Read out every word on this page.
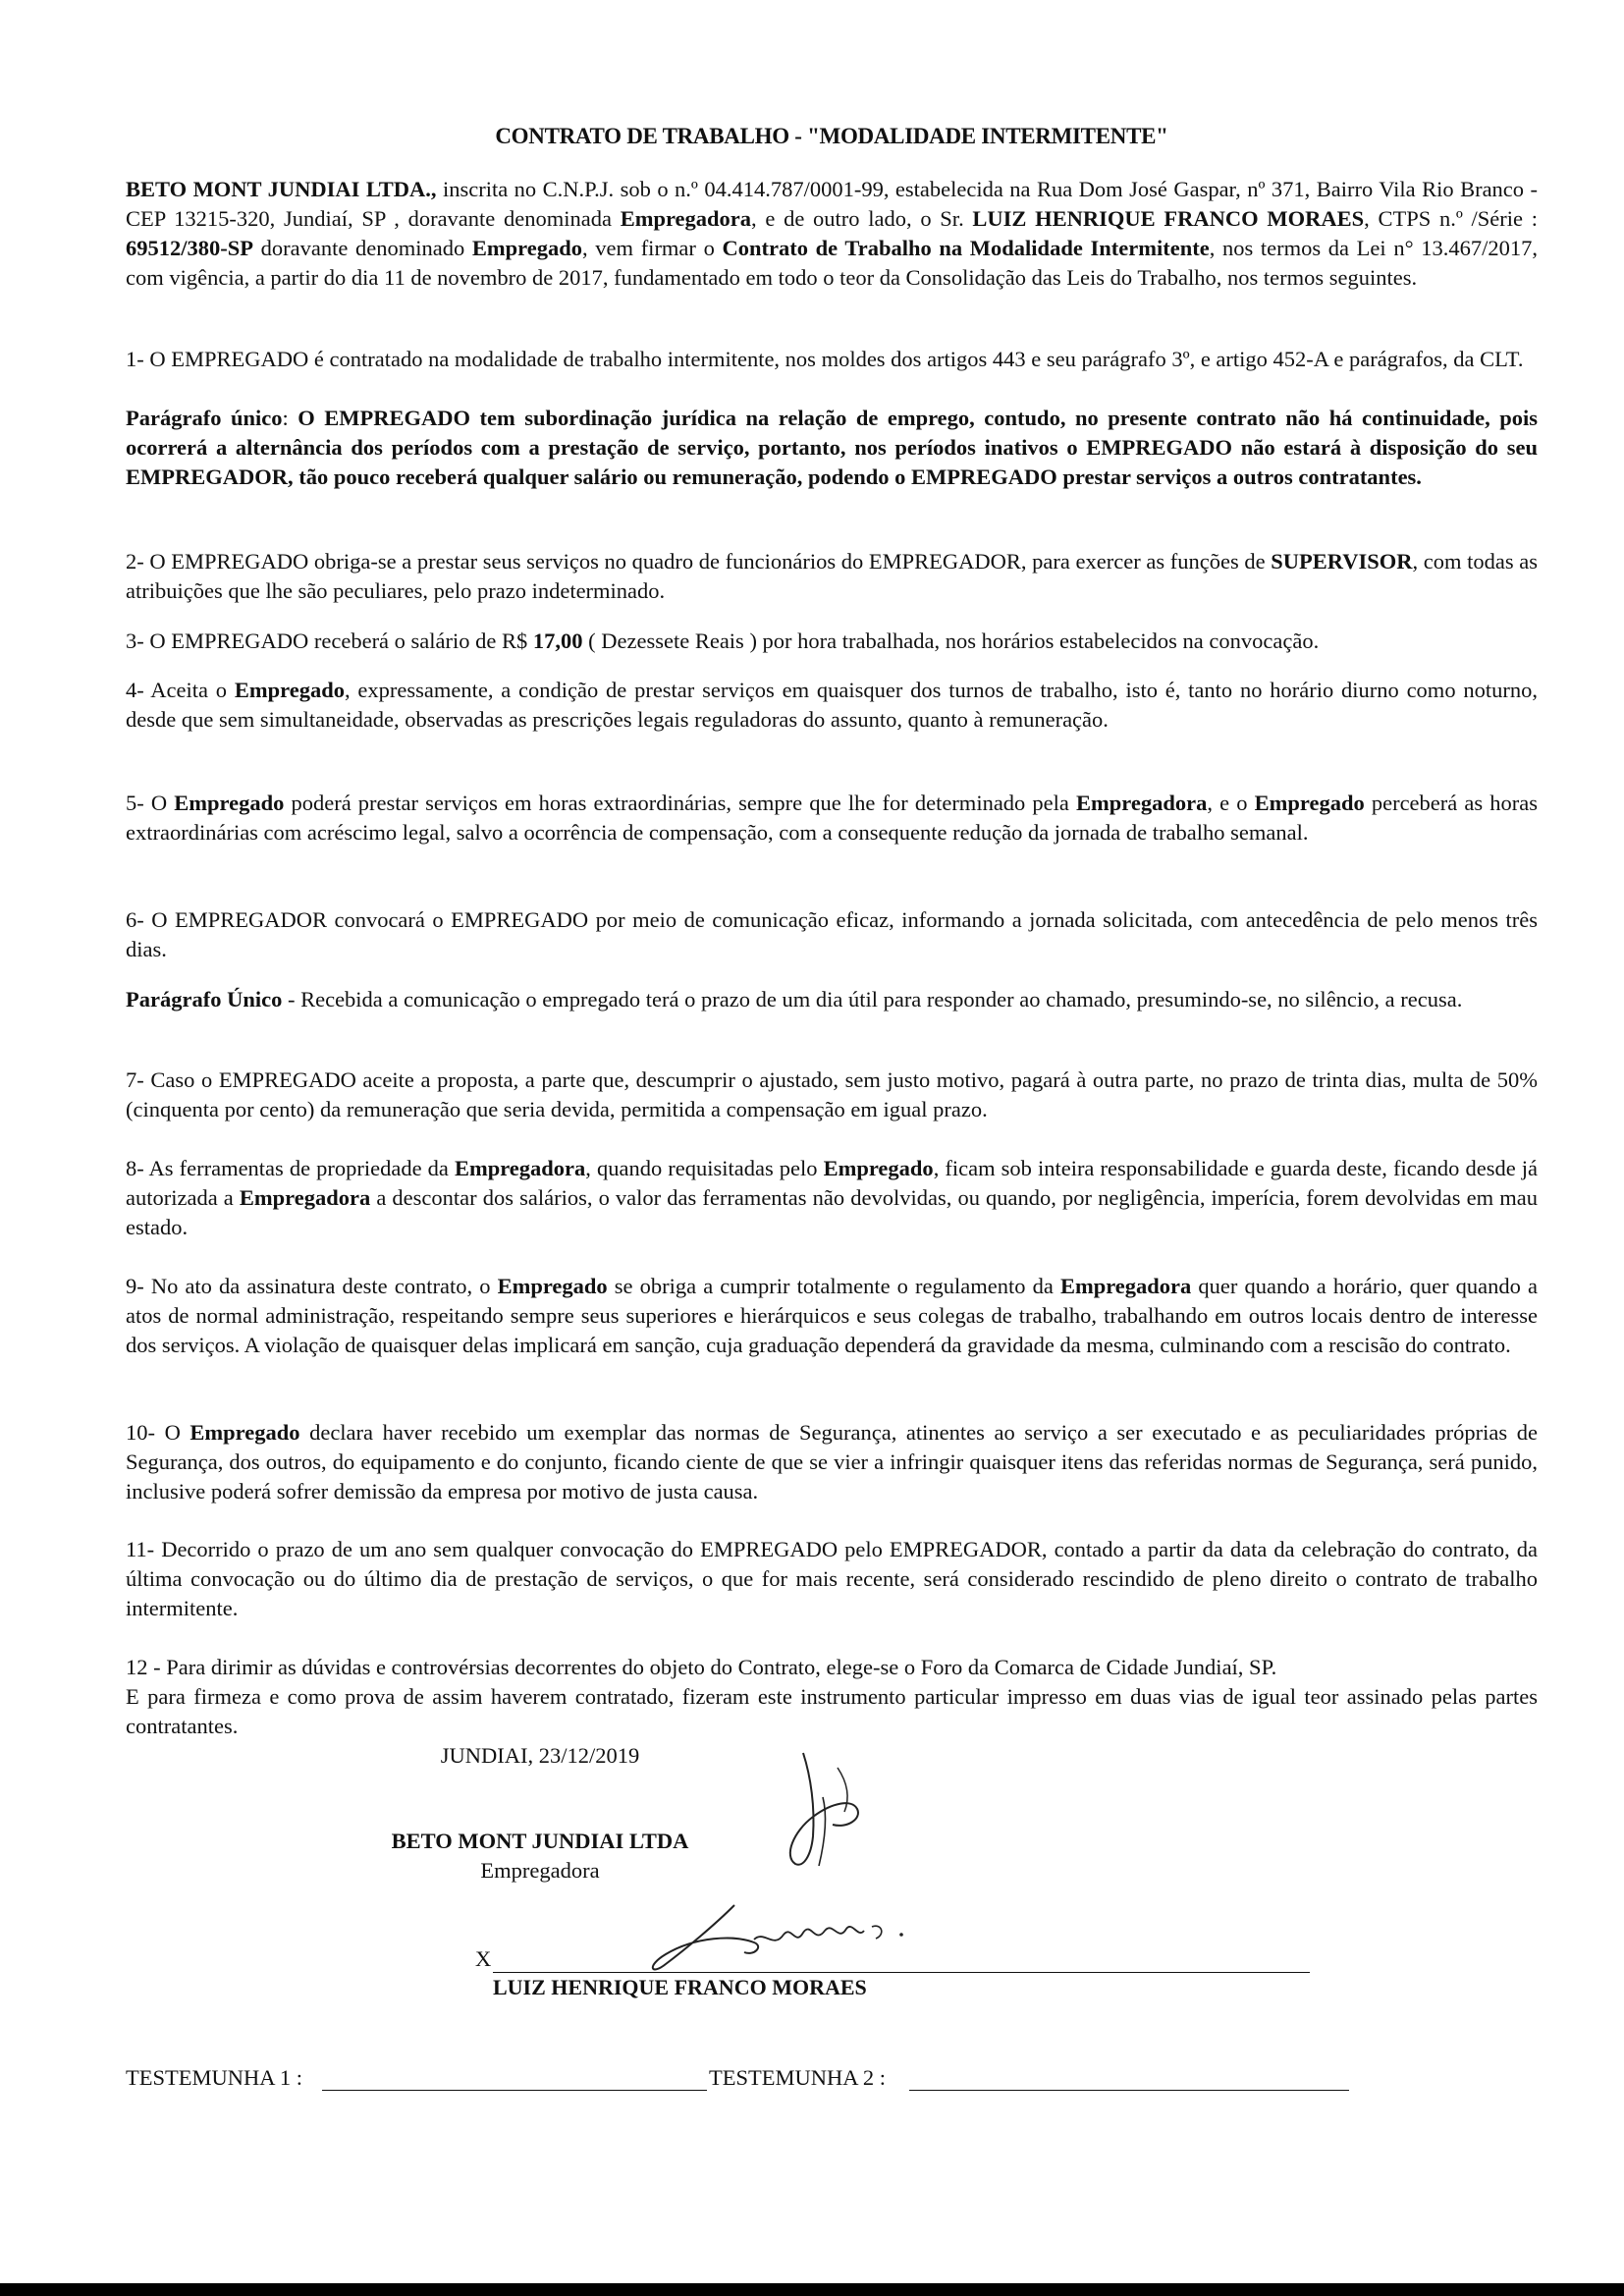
CONTRATO DE TRABALHO - "MODALIDADE INTERMITENTE"
BETO MONT JUNDIAI LTDA., inscrita no C.N.P.J. sob o n.º 04.414.787/0001-99, estabelecida na Rua Dom José Gaspar, nº 371, Bairro Vila Rio Branco - CEP 13215-320, Jundiaí, SP , doravante denominada Empregadora, e de outro lado, o Sr. LUIZ HENRIQUE FRANCO MORAES, CTPS n.º /Série : 69512/380-SP doravante denominado Empregado, vem firmar o Contrato de Trabalho na Modalidade Intermitente, nos termos da Lei n° 13.467/2017, com vigência, a partir do dia 11 de novembro de 2017, fundamentado em todo o teor da Consolidação das Leis do Trabalho, nos termos seguintes.
1- O EMPREGADO é contratado na modalidade de trabalho intermitente, nos moldes dos artigos 443 e seu parágrafo 3º, e artigo 452-A e parágrafos, da CLT.
Parágrafo único: O EMPREGADO tem subordinação jurídica na relação de emprego, contudo, no presente contrato não há continuidade, pois ocorrerá a alternância dos períodos com a prestação de serviço, portanto, nos períodos inativos o EMPREGADO não estará à disposição do seu EMPREGADOR, tão pouco receberá qualquer salário ou remuneração, podendo o EMPREGADO prestar serviços a outros contratantes.
2- O EMPREGADO obriga-se a prestar seus serviços no quadro de funcionários do EMPREGADOR, para exercer as funções de SUPERVISOR, com todas as atribuições que lhe são peculiares, pelo prazo indeterminado.
3- O EMPREGADO receberá o salário de R$ 17,00 ( Dezessete Reais ) por hora trabalhada, nos horários estabelecidos na convocação.
4- Aceita o Empregado, expressamente, a condição de prestar serviços em quaisquer dos turnos de trabalho, isto é, tanto no horário diurno como noturno, desde que sem simultaneidade, observadas as prescrições legais reguladoras do assunto, quanto à remuneração.
5- O Empregado poderá prestar serviços em horas extraordinárias, sempre que lhe for determinado pela Empregadora, e o Empregado perceberá as horas extraordinárias com acréscimo legal, salvo a ocorrência de compensação, com a consequente redução da jornada de trabalho semanal.
6- O EMPREGADOR convocará o EMPREGADO por meio de comunicação eficaz, informando a jornada solicitada, com antecedência de pelo menos três dias.
Parágrafo Único - Recebida a comunicação o empregado terá o prazo de um dia útil para responder ao chamado, presumindo-se, no silêncio, a recusa.
7- Caso o EMPREGADO aceite a proposta, a parte que, descumprir o ajustado, sem justo motivo, pagará à outra parte, no prazo de trinta dias, multa de 50% (cinquenta por cento) da remuneração que seria devida, permitida a compensação em igual prazo.
8- As ferramentas de propriedade da Empregadora, quando requisitadas pelo Empregado, ficam sob inteira responsabilidade e guarda deste, ficando desde já autorizada a Empregadora a descontar dos salários, o valor das ferramentas não devolvidas, ou quando, por negligência, imperícia, forem devolvidas em mau estado.
9- No ato da assinatura deste contrato, o Empregado se obriga a cumprir totalmente o regulamento da Empregadora quer quando a horário, quer quando a atos de normal administração, respeitando sempre seus superiores e hierárquicos e seus colegas de trabalho, trabalhando em outros locais dentro de interesse dos serviços. A violação de quaisquer delas implicará em sanção, cuja graduação dependerá da gravidade da mesma, culminando com a rescisão do contrato.
10- O Empregado declara haver recebido um exemplar das normas de Segurança, atinentes ao serviço a ser executado e as peculiaridades próprias de Segurança, dos outros, do equipamento e do conjunto, ficando ciente de que se vier a infringir quaisquer itens das referidas normas de Segurança, será punido, inclusive poderá sofrer demissão da empresa por motivo de justa causa.
11- Decorrido o prazo de um ano sem qualquer convocação do EMPREGADO pelo EMPREGADOR, contado a partir da data da celebração do contrato, da última convocação ou do último dia de prestação de serviços, o que for mais recente, será considerado rescindido de pleno direito o contrato de trabalho intermitente.
12 - Para dirimir as dúvidas e controvérsias decorrentes do objeto do Contrato, elege-se o Foro da Comarca de Cidade Jundiaí, SP.
E para firmeza e como prova de assim haverem contratado, fizeram este instrumento particular impresso em duas vias de igual teor assinado pelas partes contratantes.
JUNDIAI, 23/12/2019
BETO MONT JUNDIAI LTDA
Empregadora
X
LUIZ HENRIQUE FRANCO MORAES
TESTEMUNHA 1 :	TESTEMUNHA 2 :
